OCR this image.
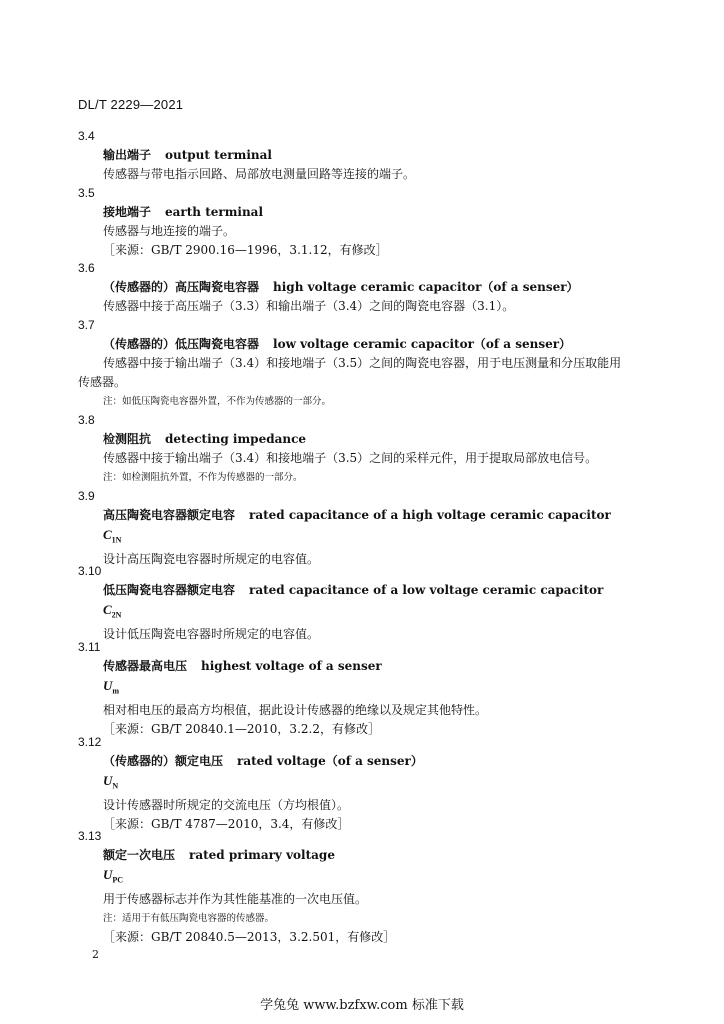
DL/T 2229—2021
3.4
输出端子 output terminal
传感器与带电指示回路、局部放电测量回路等连接的端子。
3.5
接地端子 earth terminal
传感器与地连接的端子。
［来源：GB/T 2900.16—1996，3.1.12，有修改］
3.6
（传感器的）高压陶瓷电容器 high voltage ceramic capacitor（of a senser）
传感器中接于高压端子（3.3）和输出端子（3.4）之间的陶瓷电容器（3.1）。
3.7
（传感器的）低压陶瓷电容器 low voltage ceramic capacitor（of a senser）
传感器中接于输出端子（3.4）和接地端子（3.5）之间的陶瓷电容器，用于电压测量和分压取能用
传感器。
注：如低压陶瓷电容器外置，不作为传感器的一部分。
3.8
检测阻抗 detecting impedance
传感器中接于输出端子（3.4）和接地端子（3.5）之间的采样元件，用于提取局部放电信号。
注：如检测阻抗外置，不作为传感器的一部分。
3.9
高压陶瓷电容器额定电容 rated capacitance of a high voltage ceramic capacitor
$C_{1N}$
设计高压陶瓷电容器时所规定的电容值。
3.10
低压陶瓷电容器额定电容 rated capacitance of a low voltage ceramic capacitor
$C_{2N}$
设计低压陶瓷电容器时所规定的电容值。
3.11
传感器最高电压 highest voltage of a senser
$U_m$
相对相电压的最高方均根值，据此设计传感器的绝缘以及规定其他特性。
［来源：GB/T 20840.1—2010，3.2.2，有修改］
3.12
（传感器的）额定电压 rated voltage（of a senser）
$U_N$
设计传感器时所规定的交流电压（方均根值）。
［来源：GB/T 4787—2010，3.4，有修改］
3.13
额定一次电压 rated primary voltage
$U_{PC}$
用于传感器标志并作为其性能基准的一次电压值。
注：适用于有低压陶瓷电容器的传感器。
［来源：GB/T 20840.5—2013，3.2.501，有修改］
2
学兔兔 www.bzfxw.com 标准下载
